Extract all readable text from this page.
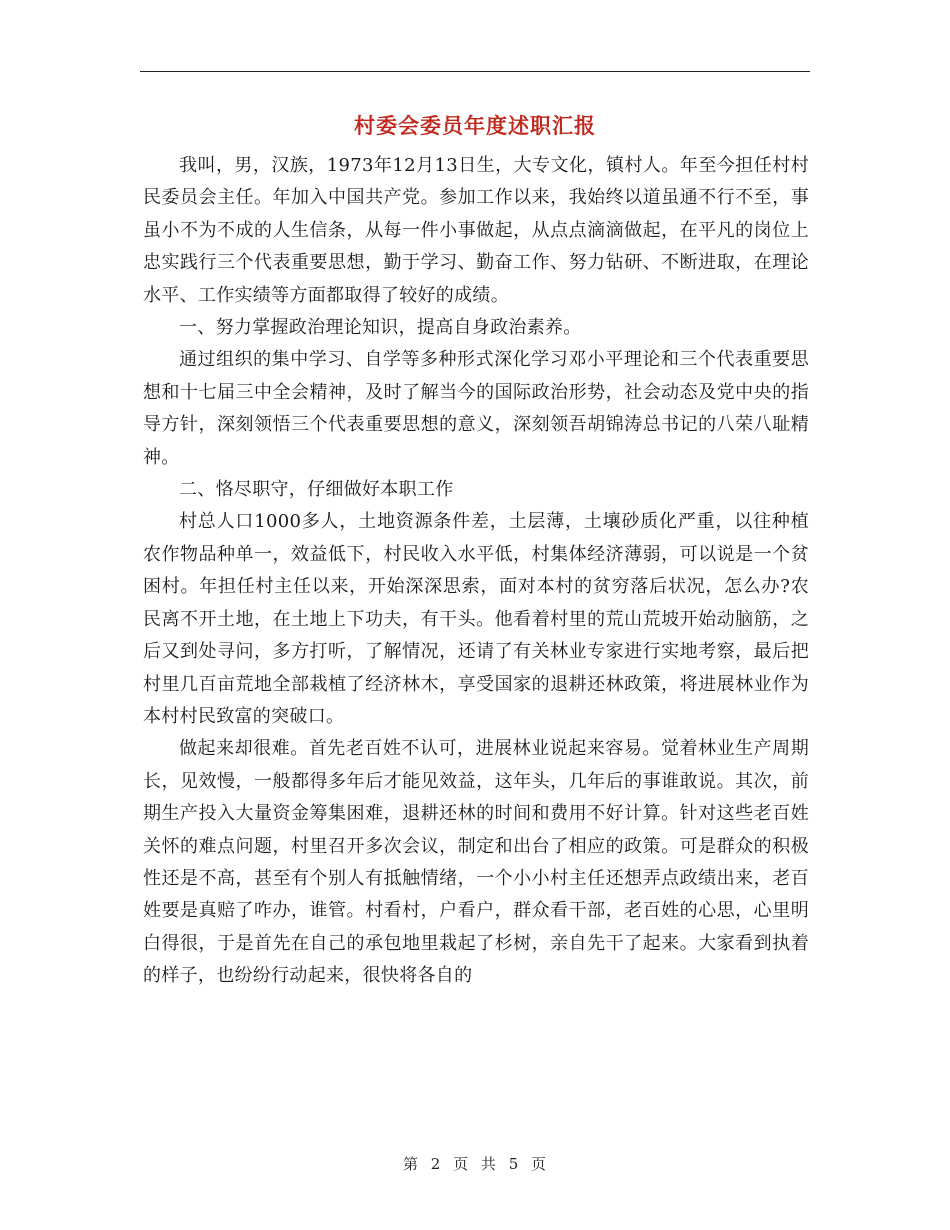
村委会委员年度述职汇报

我叫，男，汉族，1973年12月13日生，大专文化，镇村人。年至今担任村村民委员会主任。年加入中国共产党。参加工作以来，我始终以道虽通不行不至，事虽小不为不成的人生信条，从每一件小事做起，从点点滴滴做起，在平凡的岗位上忠实践行三个代表重要思想，勤于学习、勤奋工作、努力钻研、不断进取，在理论水平、工作实绩等方面都取得了较好的成绩。

一、努力掌握政治理论知识，提高自身政治素养。

通过组织的集中学习、自学等多种形式深化学习邓小平理论和三个代表重要思想和十七届三中全会精神，及时了解当今的国际政治形势，社会动态及党中央的指导方针，深刻领悟三个代表重要思想的意义，深刻领吾胡锦涛总书记的八荣八耻精神。

二、恪尽职守，仔细做好本职工作

村总人口1000多人，土地资源条件差，土层薄，土壤砂质化严重，以往种植农作物品种单一，效益低下，村民收入水平低，村集体经济薄弱，可以说是一个贫困村。年担任村主任以来，开始深深思索，面对本村的贫穷落后状况，怎么办?农民离不开土地，在土地上下功夫，有干头。他看着村里的荒山荒坡开始动脑筋，之后又到处寻问，多方打听，了解情况，还请了有关林业专家进行实地考察，最后把村里几百亩荒地全部栽植了经济林木，享受国家的退耕还林政策，将进展林业作为本村村民致富的突破口。

做起来却很难。首先老百姓不认可，进展林业说起来容易。觉着林业生产周期长，见效慢，一般都得多年后才能见效益，这年头，几年后的事谁敢说。其次，前期生产投入大量资金筹集困难，退耕还林的时间和费用不好计算。针对这些老百姓关怀的难点问题，村里召开多次会议，制定和出台了相应的政策。可是群众的积极性还是不高，甚至有个别人有抵触情绪，一个小小村主任还想弄点政绩出来，老百姓要是真赔了咋办，谁管。村看村，户看户，群众看干部，老百姓的心思，心里明白得很，于是首先在自己的承包地里栽起了杉树，亲自先干了起来。大家看到执着的样子，也纷纷行动起来，很快将各自的

第 2 页 共 5 页
